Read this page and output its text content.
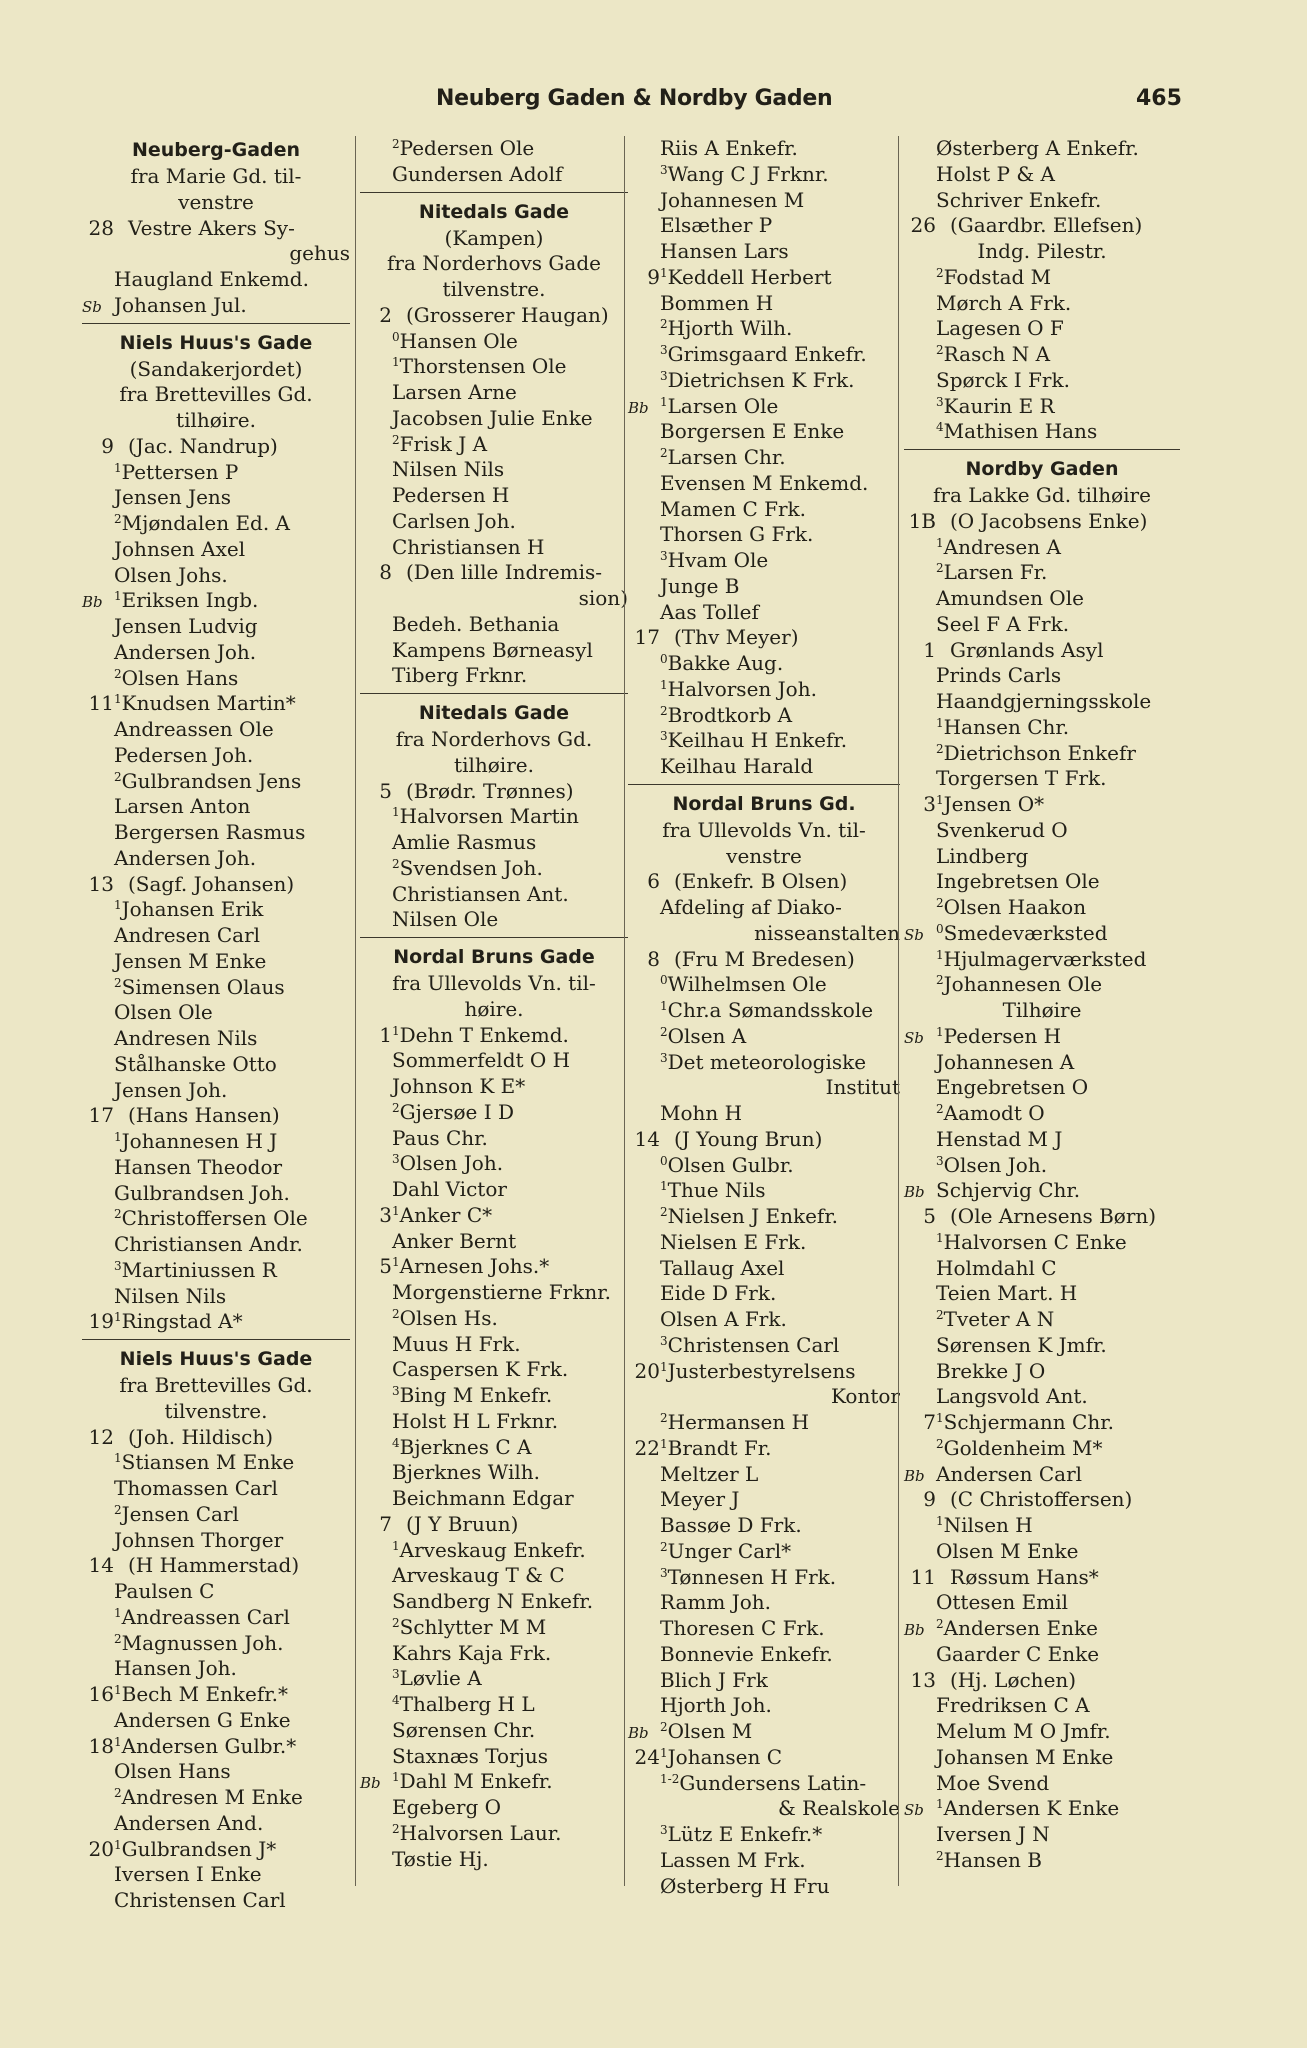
Neuberg Gaden & Nordby Gaden	465
Neuberg-Gaden
fra Marie Gd. til-
venstre
28 Vestre Akers Sy-
gehus
Haugland Enkemd.
Sb Johansen Jul.
Niels Huus's Gade
(Sandakerjordet)
fra Brettevilles Gd.
tilhøire.
9 (Jac. Nandrup)
$^1$Pettersen P
Jensen Jens
$^2$Mjøndalen Ed. A
Johnsen Axel
Olsen Johs.
Bb $^1$Eriksen Ingb.
Jensen Ludvig
Andersen Joh.
$^2$Olsen Hans
$11^1Knudsen$ Martin*
Andreassen Ole
Pedersen Joh.
$^2$Gulbrandsen Jens
Larsen Anton
Bergersen Rasmus
Andersen Joh.
13 (Sagf. Johansen)
$^1$Johansen Erik
Andresen Carl
Jensen M Enke
$^2$Simensen Olaus
Olsen Ole
Andresen Nils
Stålhanske Otto
Jensen Joh.
17 (Hans Hansen)
$^1$Johannesen H J
Hansen Theodor
Gulbrandsen Joh.
$^2$Christoffersen Ole
Christiansen Andr.
$^3$Martiniussen R
Nilsen Nils
$19^1Ringstad$ A*
Niels Huus's Gade
fra Brettevilles Gd.
tilvenstre.
12 (Joh. Hildisch)
$^1$Stiansen M Enke
Thomassen Carl
$^2$Jensen Carl
Johnsen Thorger
14 (H Hammerstad)
Paulsen C
$^1$Andreassen Carl
$^2$Magnussen Joh.
Hansen Joh.
$16^1Bech$ M Enkefr.*
Andersen G Enke
$18^1Andersen$ Gulbr.*
Olsen Hans
$^2$Andresen M Enke
Andersen And.
$20^1Gulbrandsen$ J*
Iversen I Enke
Christensen Carl
$^2$Pedersen Ole
Gundersen Adolf
Nitedals Gade
(Kampen)
fra Norderhovs Gade
tilvenstre.
2 (Grosserer Haugan)
$^0$Hansen Ole
$^1$Thorstensen Ole
Larsen Arne
Jacobsen Julie Enke
$^2$Frisk J A
Nilsen Nils
Pedersen H
Carlsen Joh.
Christiansen H
8 (Den lille Indremis-
sion)
Bedeh. Bethania
Kampens Børneasyl
Tiberg Frknr.
Nitedals Gade
fra Norderhovs Gd.
tilhøire.
5 (Brødr. Trønnes)
$^1$Halvorsen Martin
Amlie Rasmus
$^2$Svendsen Joh.
Christiansen Ant.
Nilsen Ole
Nordal Bruns Gade
fra Ullevolds Vn. til-
høire.
$1^1Dehn$ T Enkemd.
Sommerfeldt O H
Johnson K E*
$^2$Gjersøe I D
Paus Chr.
$^3$Olsen Joh.
Dahl Victor
$3^1Anker$ C*
Anker Bernt
$5^1Arnesen$ Johs.*
Morgenstierne Frknr.
$^2$Olsen Hs.
Muus H Frk.
Caspersen K Frk.
$^3$Bing M Enkefr.
Holst H L Frknr.
$^4$Bjerknes C A
Bjerknes Wilh.
Beichmann Edgar
7 (J Y Bruun)
$^1$Arveskaug Enkefr.
Arveskaug T & C
Sandberg N Enkefr.
$^2$Schlytter M M
Kahrs Kaja Frk.
$^3$Løvlie A
$^4$Thalberg H L
Sørensen Chr.
Staxnæs Torjus
Bb $^1$Dahl M Enkefr.
Egeberg O
$^2$Halvorsen Laur.
Tøstie Hj.
Riis A Enkefr.
$^3$Wang C J Frknr.
Johannesen M
Elsæther P
Hansen Lars
$9^1Keddell$ Herbert
Bommen H
$^2$Hjorth Wilh.
$^3$Grimsgaard Enkefr.
$^3$Dietrichsen K Frk.
Bb $^1$Larsen Ole
Borgersen E Enke
$^2$Larsen Chr.
Evensen M Enkemd.
Mamen C Frk.
Thorsen G Frk.
$^3$Hvam Ole
Junge B
Aas Tollef
17 (Thv Meyer)
$^0$Bakke Aug.
$^1$Halvorsen Joh.
$^2$Brodtkorb A
$^3$Keilhau H Enkefr.
Keilhau Harald
Nordal Bruns Gd.
fra Ullevolds Vn. til-
venstre
6 (Enkefr. B Olsen)
Afdeling af Diako-
nisseanstalten
8 (Fru M Bredesen)
$^0$Wilhelmsen Ole
$^1$Chr.a Sømandsskole
$^2$Olsen A
$^3$Det meteorologiske
Institut
Mohn H
14 (J Young Brun)
$^0$Olsen Gulbr.
$^1$Thue Nils
$^2$Nielsen J Enkefr.
Nielsen E Frk.
Tallaug Axel
Eide D Frk.
Olsen A Frk.
$^3$Christensen Carl
$20^1Justerbestyrelsens$
Kontor
$^2$Hermansen H
$22^1Brandt$ Fr.
Meltzer L
Meyer J
Bassøe D Frk.
$^2$Unger Carl*
$^3$Tønnesen H Frk.
Ramm Joh.
Thoresen C Frk.
Bonnevie Enkefr.
Blich J Frk
Hjorth Joh.
Bb $^2$Olsen M
$24^1Johansen$ C
$^{1-2}$Gundersens Latin-
& Realskole
$^3$Lütz E Enkefr.*
Lassen M Frk.
Østerberg H Fru
Østerberg A Enkefr.
Holst P & A
Schriver Enkefr.
26 (Gaardbr. Ellefsen)
Indg. Pilestr.
$^2$Fodstad M
Mørch A Frk.
Lagesen O F
$^2$Rasch N A
Spørck I Frk.
$^3$Kaurin E R
$^4$Mathisen Hans
Nordby Gaden
fra Lakke Gd. tilhøire
1B (O Jacobsens Enke)
$^1$Andresen A
$^2$Larsen Fr.
Amundsen Ole
Seel F A Frk.
1 Grønlands Asyl
Prinds Carls
Haandgjerningsskole
$^1$Hansen Chr.
$^2$Dietrichson Enkefr
Torgersen T Frk.
$3^1Jensen$ O*
Svenkerud O
Lindberg
Ingebretsen Ole
$^2$Olsen Haakon
Sb $^0$Smedeværksted
$^1$Hjulmagerværksted
$^2$Johannesen Ole
Tilhøire
Sb $^1$Pedersen H
Johannesen A
Engebretsen O
$^2$Aamodt O
Henstad M J
$^3$Olsen Joh.
Bb Schjervig Chr.
5 (Ole Arnesens Børn)
$^1$Halvorsen C Enke
Holmdahl C
Teien Mart. H
$^2$Tveter A N
Sørensen K Jmfr.
Brekke J O
Langsvold Ant.
$7^1Schjermann$ Chr.
$^2$Goldenheim M*
Bb Andersen Carl
9 (C Christoffersen)
$^1$Nilsen H
Olsen M Enke
11 Røssum Hans*
Ottesen Emil
Bb $^2$Andersen Enke
Gaarder C Enke
13 (Hj. Løchen)
Fredriksen C A
Melum M O Jmfr.
Johansen M Enke
Moe Svend
Sb $^1$Andersen K Enke
Iversen J N
$^2$Hansen B
